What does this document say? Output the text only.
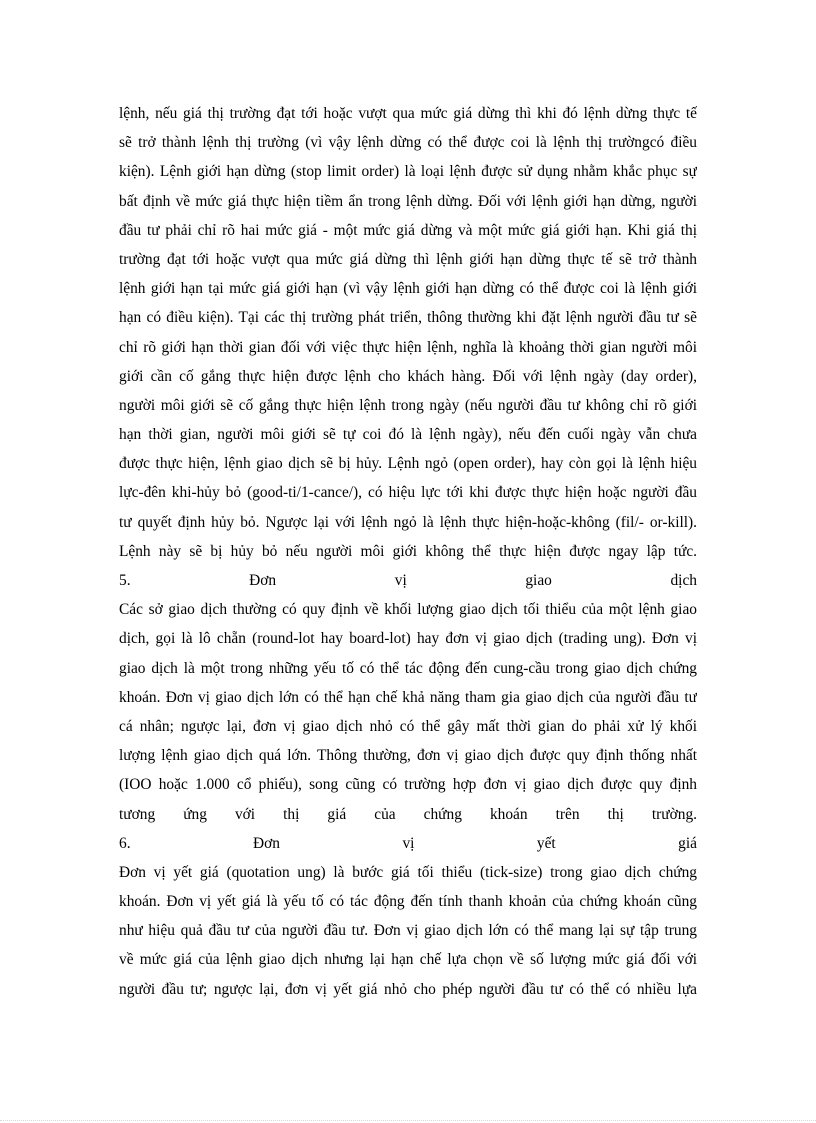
lệnh, nếu giá thị trường đạt tới hoặc vượt qua mức giá dừng thì khi đó lệnh dừng thực tế
sẽ trở thành lệnh thị trường (vì vậy lệnh dừng có thể được coi là lệnh thị trườngcó điều
kiện). Lệnh giới hạn dừng (stop limit order) là loại lệnh được sử dụng nhằm khắc phục sự
bất định về mức giá thực hiện tiềm ẩn trong lệnh dừng. Đối với lệnh giới hạn dừng, người
đầu tư phải chỉ rõ hai mức giá - một mức giá dừng và một mức giá giới hạn. Khi giá thị
trường đạt tới hoặc vượt qua mức giá dừng thì lệnh giới hạn dừng thực tế sẽ trở thành
lệnh giới hạn tại mức giá giới hạn (vì vậy lệnh giới hạn dừng có thể được coi là lệnh giới
hạn có điều kiện). Tại các thị trường phát triển, thông thường khi đặt lệnh người đầu tư sẽ
chỉ rõ giới hạn thời gian đối với việc thực hiện lệnh, nghĩa là khoảng thời gian người môi
giới cần cố gắng thực hiện được lệnh cho khách hàng. Đối với lệnh ngày (day order),
người môi giới sẽ cố gắng thực hiện lệnh trong ngày (nếu người đầu tư không chỉ rõ giới
hạn thời gian, người môi giới sẽ tự coi đó là lệnh ngày), nếu đến cuối ngày vẫn chưa
được thực hiện, lệnh giao dịch sẽ bị hủy. Lệnh ngỏ (open order), hay còn gọi là lệnh hiệu
lực-đên khi-hủy bỏ (good-ti/1-cance/), có hiệu lực tới khi được thực hiện hoặc người đầu
tư quyết định hủy bỏ. Ngược lại với lệnh ngỏ là lệnh thực hiện-hoặc-không (fil/- or-kill).
Lệnh này sẽ bị hủy bỏ nếu người môi giới không thể thực hiện được ngay lập tức.
5. Đơn vị giao dịch
Các sở giao dịch thường có quy định về khối lượng giao dịch tối thiểu của một lệnh giao
dịch, gọi là lô chẵn (round-lot hay board-lot) hay đơn vị giao dịch (trading ung). Đơn vị
giao dịch là một trong những yếu tố có thể tác động đến cung-cầu trong giao dịch chứng
khoán. Đơn vị giao dịch lớn có thể hạn chế khả năng tham gia giao dịch của người đầu tư
cá nhân; ngược lại, đơn vị giao dịch nhỏ có thể gây mất thời gian do phải xử lý khối
lượng lệnh giao dịch quá lớn. Thông thường, đơn vị giao dịch được quy định thống nhất
(IOO hoặc 1.000 cổ phiếu), song cũng có trường hợp đơn vị giao dịch được quy định
tương ứng với thị giá của chứng khoán trên thị trường.
6. Đơn vị yết giá
Đơn vị yết giá (quotation ung) là bước giá tối thiểu (tick-size) trong giao dịch chứng
khoán. Đơn vị yết giá là yếu tố có tác động đến tính thanh khoản của chứng khoán cũng
như hiệu quả đầu tư của người đầu tư. Đơn vị giao dịch lớn có thể mang lại sự tập trung
về mức giá của lệnh giao dịch nhưng lại hạn chế lựa chọn về số lượng mức giá đối với
người đầu tư; ngược lại, đơn vị yết giá nhỏ cho phép người đầu tư có thể có nhiều lựa
